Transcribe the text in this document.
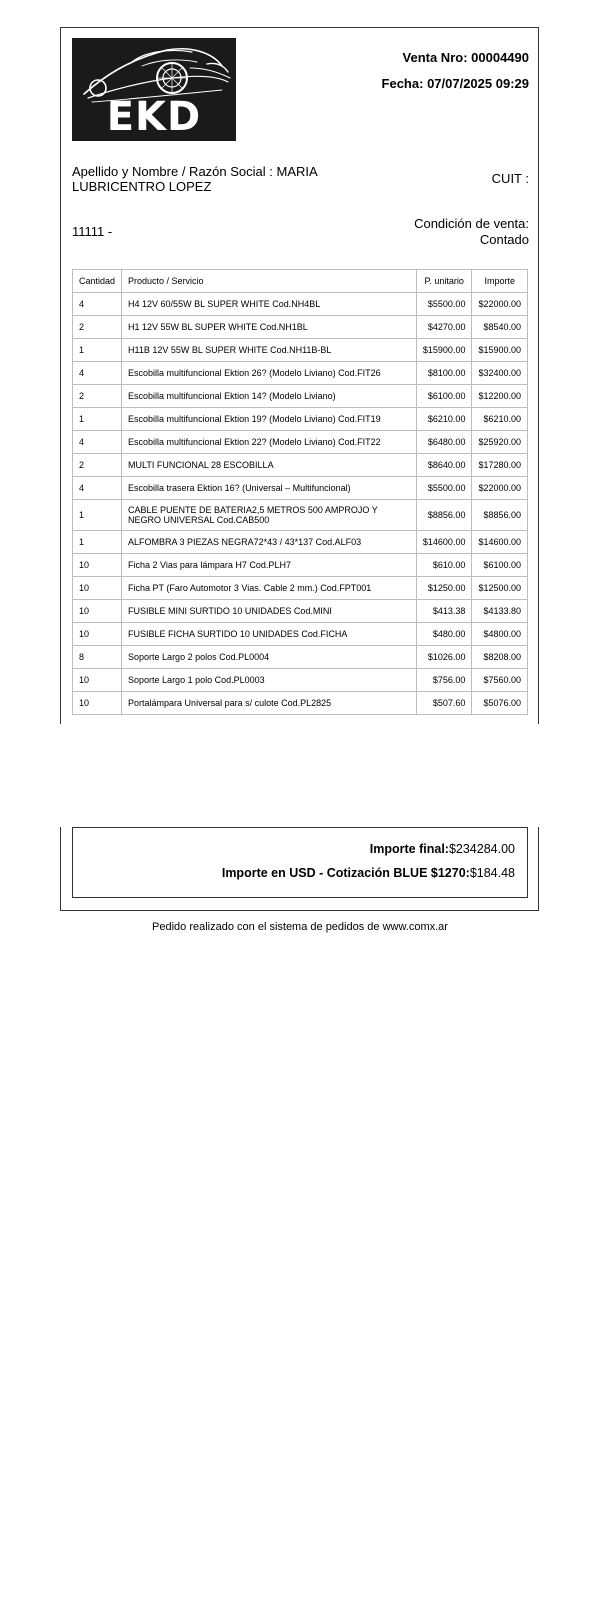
EKD
Venta Nro: 00004490
Fecha: 07/07/2025 09:29
Apellido y Nombre / Razón Social : MARIA LUBRICENTRO LOPEZ
CUIT :
11111 -
Condición de venta:
Contado
Cantidad	Producto / Servicio	P. unitario	Importe
4	H4 12V 60/55W BL SUPER WHITE Cod.NH4BL	$5500.00	$22000.00
2	H1 12V 55W BL SUPER WHITE Cod.NH1BL	$4270.00	$8540.00
1	H11B 12V 55W BL SUPER WHITE Cod.NH11B-BL	$15900.00	$15900.00
4	Escobilla multifuncional Ektion 26? (Modelo Liviano) Cod.FIT26	$8100.00	$32400.00
2	Escobilla multifuncional Ektion 14? (Modelo Liviano)	$6100.00	$12200.00
1	Escobilla multifuncional Ektion 19? (Modelo Liviano) Cod.FIT19	$6210.00	$6210.00
4	Escobilla multifuncional Ektion 22? (Modelo Liviano) Cod.FIT22	$6480.00	$25920.00
2	MULTI FUNCIONAL 28 ESCOBILLA	$8640.00	$17280.00
4	Escobilla trasera Ektion 16? (Universal – Multifuncional)	$5500.00	$22000.00
1	CABLE PUENTE DE BATERIA2,5 METROS 500 AMPROJO Y NEGRO UNIVERSAL Cod.CAB500	$8856.00	$8856.00
1	ALFOMBRA 3 PIEZAS NEGRA72*43 / 43*137 Cod.ALF03	$14600.00	$14600.00
10	Ficha 2 Vias para lámpara H7 Cod.PLH7	$610.00	$6100.00
10	Ficha PT (Faro Automotor 3 Vias. Cable 2 mm.) Cod.FPT001	$1250.00	$12500.00
10	FUSIBLE MINI SURTIDO 10 UNIDADES Cod.MINI	$413.38	$4133.80
10	FUSIBLE FICHA SURTIDO 10 UNIDADES Cod.FICHA	$480.00	$4800.00
8	Soporte Largo 2 polos Cod.PL0004	$1026.00	$8208.00
10	Soporte Largo 1 polo Cod.PL0003	$756.00	$7560.00
10	Portalámpara Universal para s/ culote Cod.PL2825	$507.60	$5076.00
Importe final:$234284.00
Importe en USD - Cotización BLUE $1270:$184.48
Pedido realizado con el sistema de pedidos de www.comx.ar
